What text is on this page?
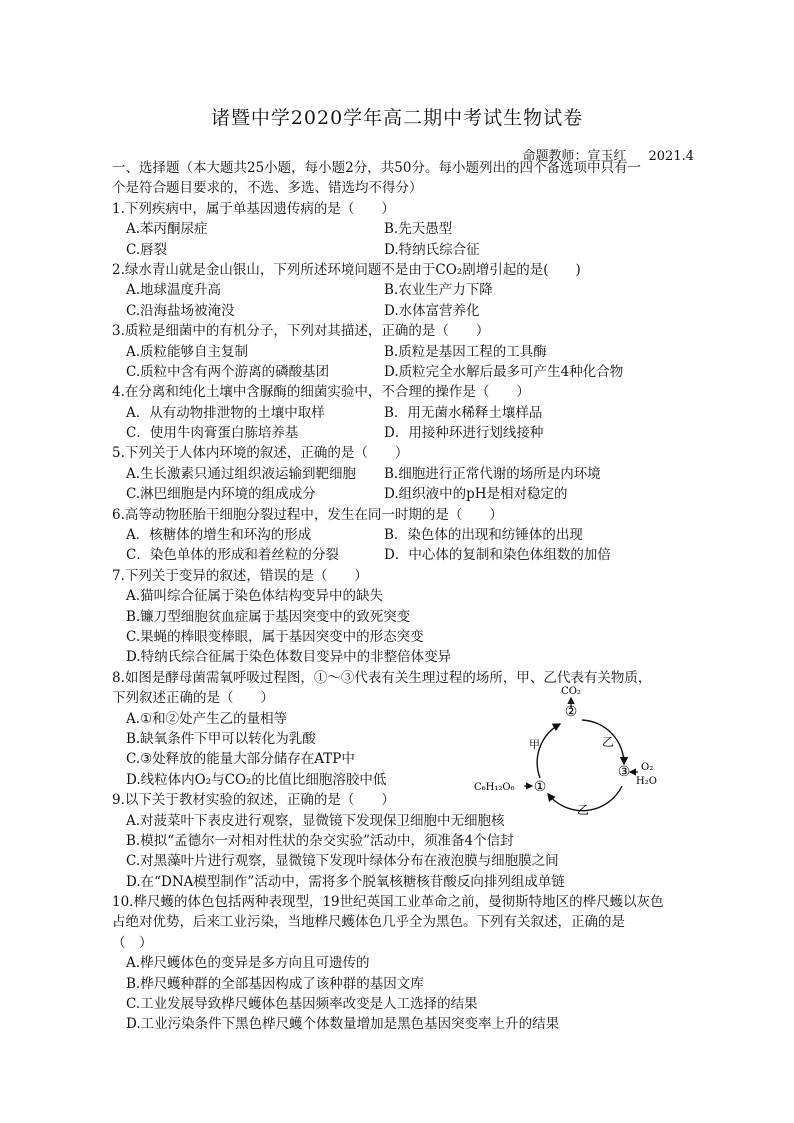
诸暨中学2020学年高二期中考试生物试卷
命题教师：宣玉红 2021.4
一、选择题（本大题共25小题，每小题2分，共50分。每小题列出的四个备选项中只有一
个是符合题目要求的，不选、多选、错选均不得分）
1.下列疾病中，属于单基因遗传病的是（　　）
A.苯丙酮尿症	B.先天愚型
C.唇裂	D.特纳氏综合征
2.绿水青山就是金山银山，下列所述环境问题不是由于CO₂剧增引起的是(　　)
A.地球温度升高	B.农业生产力下降
C.沿海盐场被淹没	D.水体富营养化
3.质粒是细菌中的有机分子，下列对其描述，正确的是（　　）
A.质粒能够自主复制	B.质粒是基因工程的工具酶
C.质粒中含有两个游离的磷酸基团	D.质粒完全水解后最多可产生4种化合物
4.在分离和纯化土壤中含脲酶的细菌实验中，不合理的操作是（　　）
A．从有动物排泄物的土壤中取样	B．用无菌水稀释土壤样品
C．使用牛肉膏蛋白胨培养基	D．用接种环进行划线接种
5.下列关于人体内环境的叙述，正确的是（　　）
A.生长激素只通过组织液运输到靶细胞	B.细胞进行正常代谢的场所是内环境
C.淋巴细胞是内环境的组成成分	D.组织液中的pH是相对稳定的
6.高等动物胚胎干细胞分裂过程中，发生在同一时期的是（　　）
A．核糖体的增生和环沟的形成	B．染色体的出现和纺锤体的出现
C．染色单体的形成和着丝粒的分裂	D．中心体的复制和染色体组数的加倍
7.下列关于变异的叙述，错误的是（　　）
A.猫叫综合征属于染色体结构变异中的缺失
B.镰刀型细胞贫血症属于基因突变中的致死突变
C.果蝇的棒眼变棒眼，属于基因突变中的形态突变
D.特纳氏综合征属于染色体数目变异中的非整倍体变异
8.如图是酵母菌需氧呼吸过程图，①～③代表有关生理过程的场所，甲、乙代表有关物质，
下列叙述正确的是（　　）
A.①和②处产生乙的量相等
B.缺氧条件下甲可以转化为乳酸
C.③处释放的能量大部分储存在ATP中
D.线粒体内O₂与CO₂的比值比细胞溶胶中低
CO₂
②
C₆H₁₂O₆ ①
③ O₂
H₂O
甲	乙
乙
9.以下关于教材实验的叙述，正确的是（　　）
A.对菠菜叶下表皮进行观察，显微镜下发现保卫细胞中无细胞核
B.模拟“孟德尔一对相对性状的杂交实验”活动中，须准备4个信封
C.对黑藻叶片进行观察，显微镜下发现叶绿体分布在液泡膜与细胞膜之间
D.在“DNA模型制作”活动中，需将多个脱氧核糖核苷酸反向排列组成单链
10.桦尺蠖的体色包括两种表现型，19世纪英国工业革命之前，曼彻斯特地区的桦尺蠖以灰色
占绝对优势，后来工业污染，当地桦尺蠖体色几乎全为黑色。下列有关叙述，正确的是
（　）
A.桦尺蠖体色的变异是多方向且可遗传的
B.桦尺蠖种群的全部基因构成了该种群的基因文库
C.工业发展导致桦尺蠖体色基因频率改变是人工选择的结果
D.工业污染条件下黑色桦尺蠖个体数量增加是黑色基因突变率上升的结果
